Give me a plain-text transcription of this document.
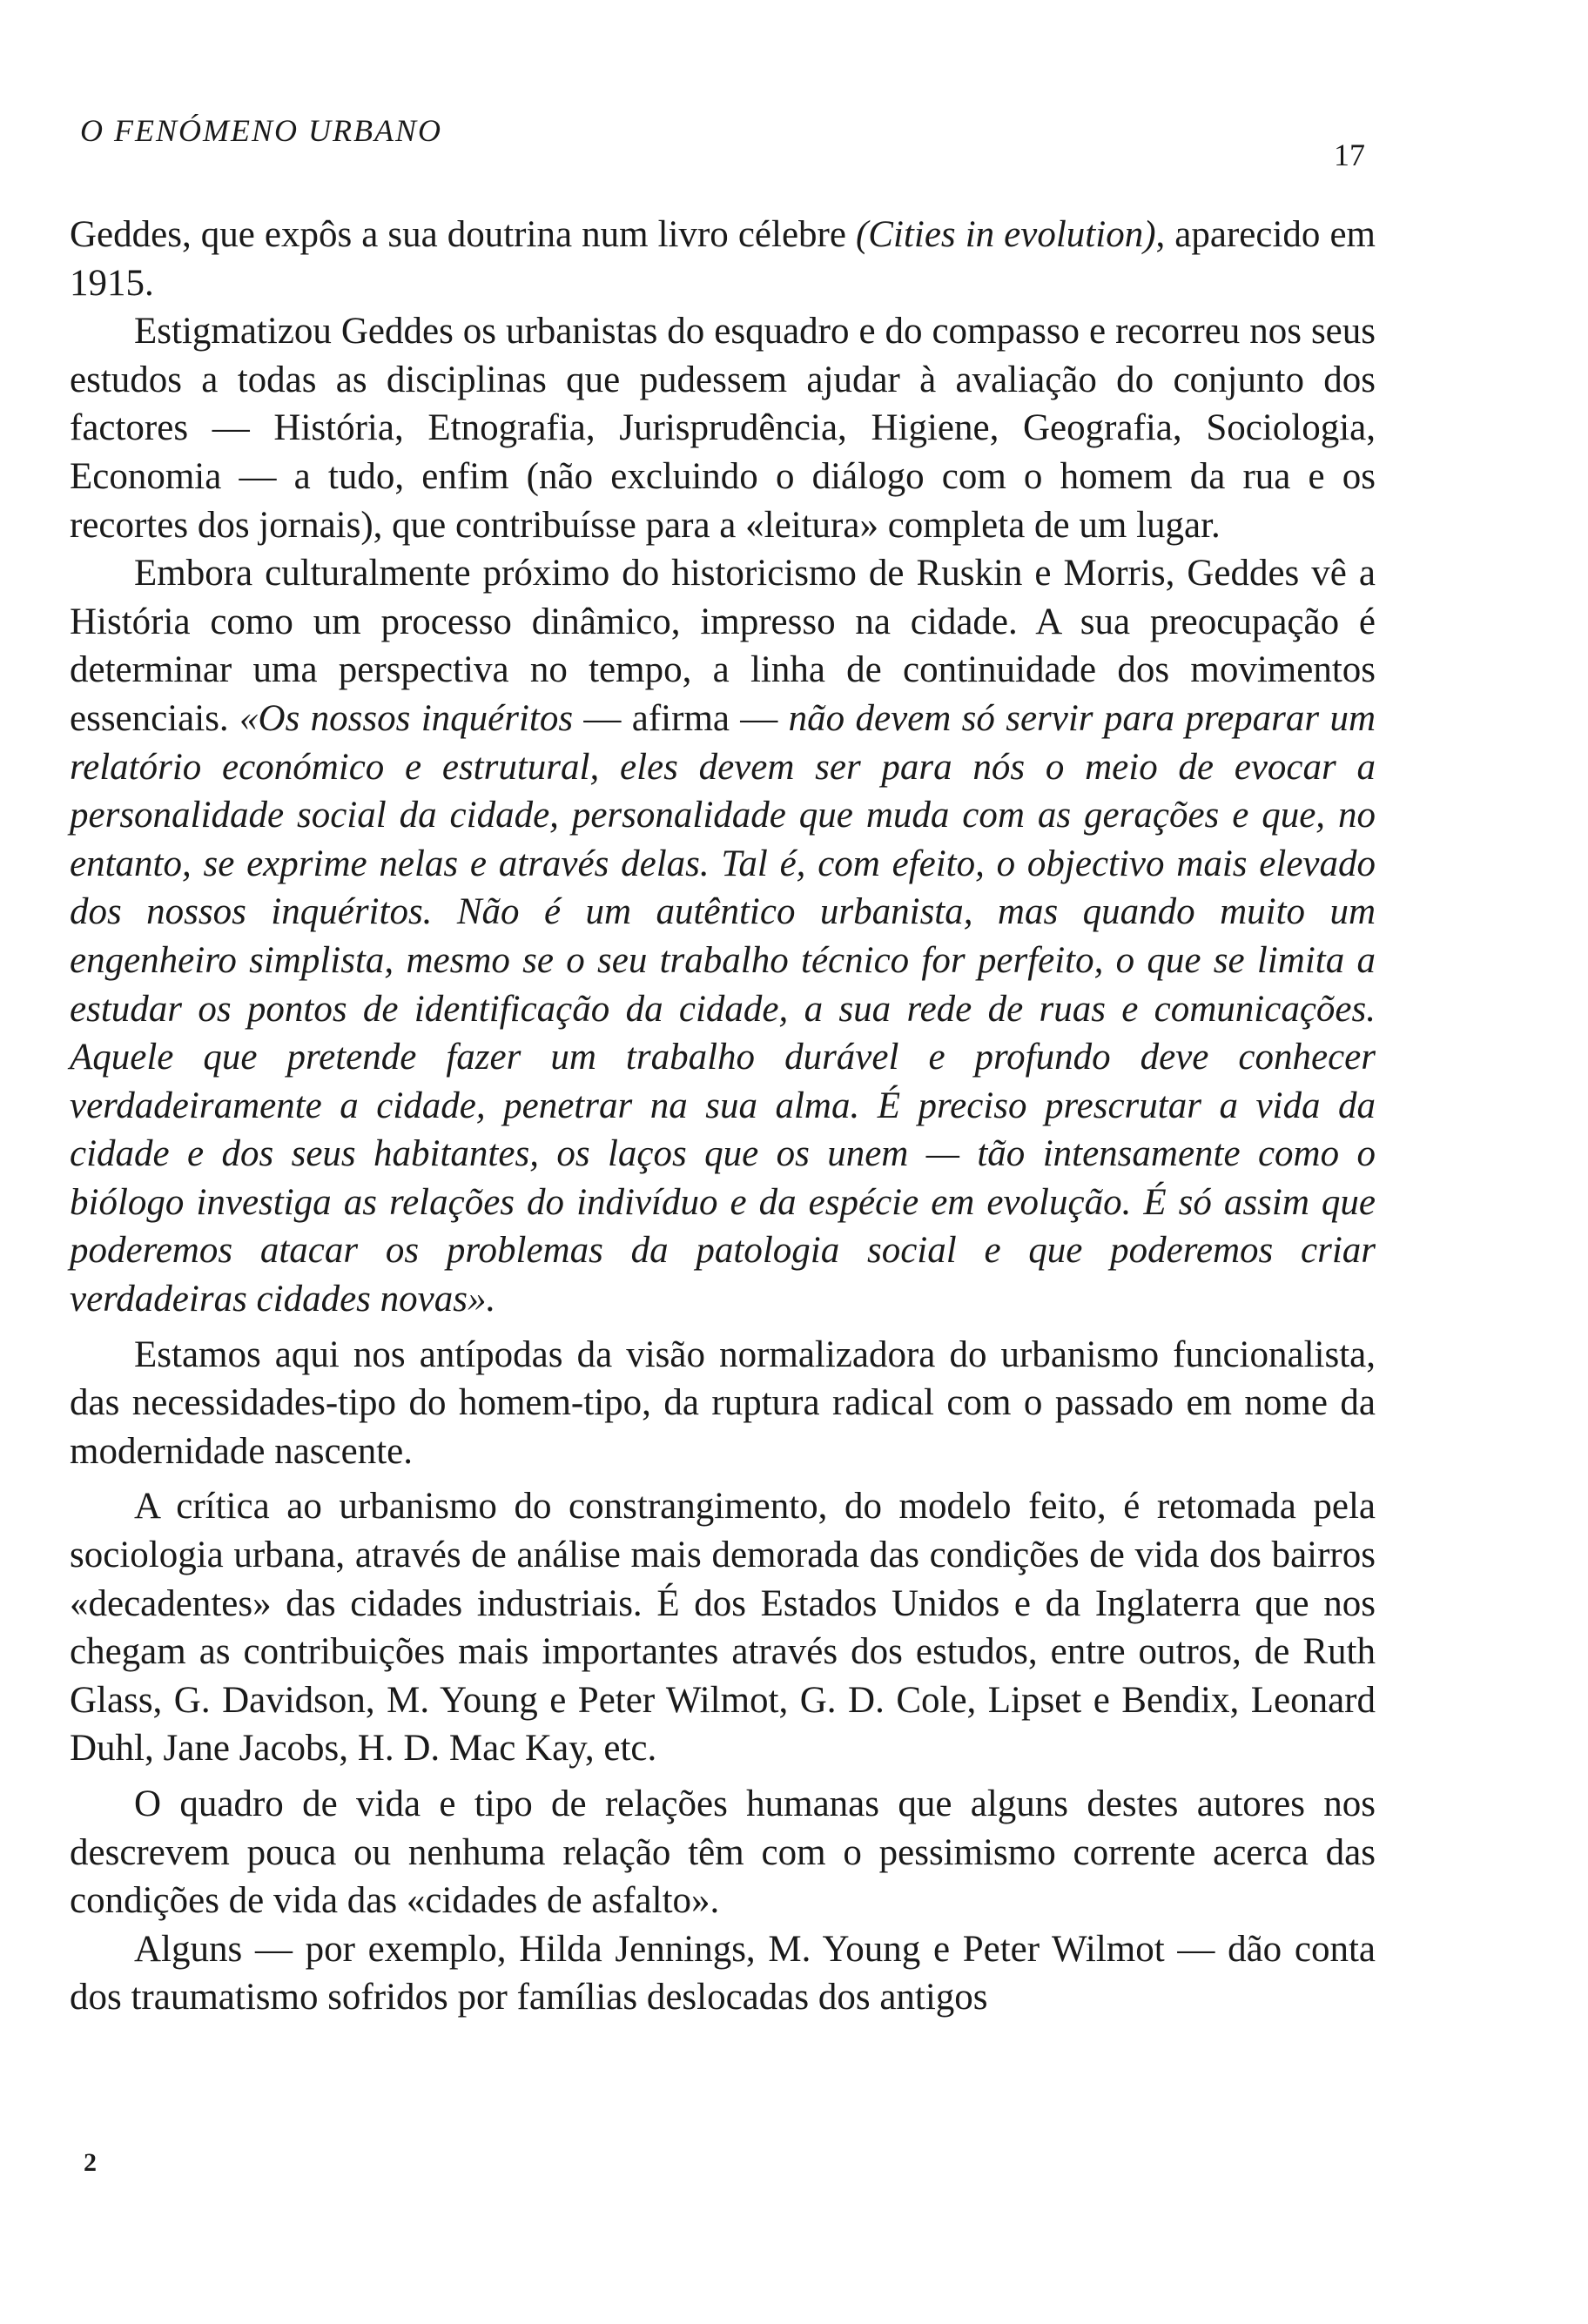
O FENÓMENO URBANO
17

Geddes, que expôs a sua doutrina num livro célebre (Cities in evolution), aparecido em 1915.

Estigmatizou Geddes os urbanistas do esquadro e do compasso e recorreu nos seus estudos a todas as disciplinas que pudessem ajudar à avaliação do conjunto dos factores — História, Etnografia, Jurisprudência, Higiene, Geografia, Sociologia, Economia — a tudo, enfim (não excluindo o diálogo com o homem da rua e os recortes dos jornais), que contribuísse para a «leitura» completa de um lugar.

Embora culturalmente próximo do historicismo de Ruskin e Morris, Geddes vê a História como um processo dinâmico, impresso na cidade. A sua preocupação é determinar uma perspectiva no tempo, a linha de continuidade dos movimentos essenciais. «Os nossos inquéritos — afirma — não devem só servir para preparar um relatório económico e estrutural, eles devem ser para nós o meio de evocar a personalidade social da cidade, personalidade que muda com as gerações e que, no entanto, se exprime nelas e através delas. Tal é, com efeito, o objectivo mais elevado dos nossos inquéritos. Não é um autêntico urbanista, mas quando muito um engenheiro simplista, mesmo se o seu trabalho técnico for perfeito, o que se limita a estudar os pontos de identificação da cidade, a sua rede de ruas e comunicações. Aquele que pretende fazer um trabalho durável e profundo deve conhecer verdadeiramente a cidade, penetrar na sua alma. É preciso prescrutar a vida da cidade e dos seus habitantes, os laços que os unem — tão intensamente como o biólogo investiga as relações do indivíduo e da espécie em evolução. É só assim que poderemos atacar os problemas da patologia social e que poderemos criar verdadeiras cidades novas».

Estamos aqui nos antípodas da visão normalizadora do urbanismo funcionalista, das necessidades-tipo do homem-tipo, da ruptura radical com o passado em nome da modernidade nascente.

A crítica ao urbanismo do constrangimento, do modelo feito, é retomada pela sociologia urbana, através de análise mais demorada das condições de vida dos bairros «decadentes» das cidades industriais. É dos Estados Unidos e da Inglaterra que nos chegam as contribuições mais importantes através dos estudos, entre outros, de Ruth Glass, G. Davidson, M. Young e Peter Wilmot, G. D. Cole, Lipset e Bendix, Leonard Duhl, Jane Jacobs, H. D. Mac Kay, etc.

O quadro de vida e tipo de relações humanas que alguns destes autores nos descrevem pouca ou nenhuma relação têm com o pessimismo corrente acerca das condições de vida das «cidades de asfalto».

Alguns — por exemplo, Hilda Jennings, M. Young e Peter Wilmot — dão conta dos traumatismo sofridos por famílias deslocadas dos antigos

2
